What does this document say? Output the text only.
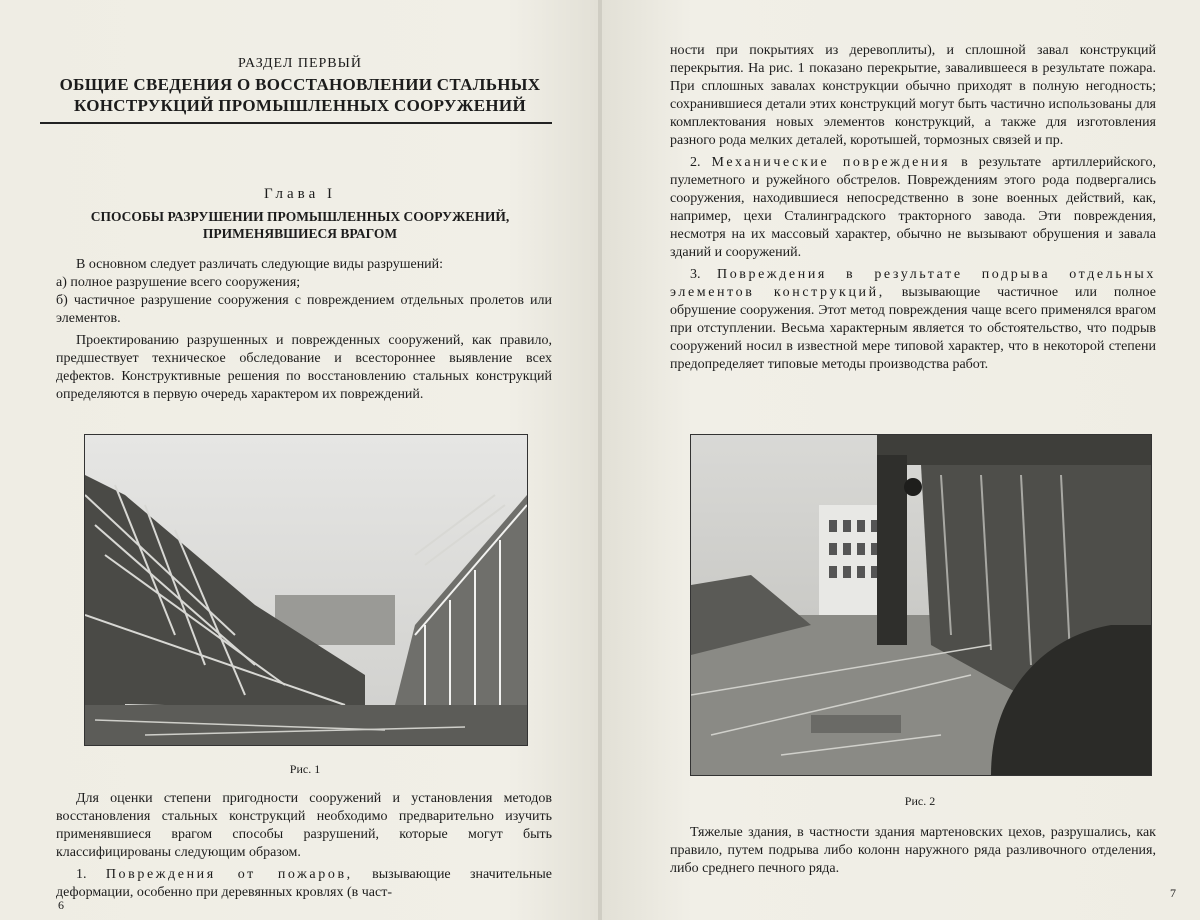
РАЗДЕЛ ПЕРВЫЙ
ОБЩИЕ СВЕДЕНИЯ О ВОССТАНОВЛЕНИИ СТАЛЬНЫХ
КОНСТРУКЦИЙ ПРОМЫШЛЕННЫХ СООРУЖЕНИЙ
Глава I
СПОСОБЫ РАЗРУШЕНИИ ПРОМЫШЛЕННЫХ СООРУЖЕНИЙ,
ПРИМЕНЯВШИЕСЯ ВРАГОМ

В основном следует различать следующие виды разрушений:

а) полное разрушение всего сооружения;

б) частичное разрушение сооружения с повреждением отдельных пролетов или элементов.

Проектированию разрушенных и поврежденных сооружений, как правило, предшествует техническое обследование и всестороннее выявление всех дефектов. Конструктивные решения по восстановлению стальных конструкций определяются в первую очередь характером их повреждений.

Рис. 1

Для оценки степени пригодности сооружений и установления методов восстановления стальных конструкций необходимо предварительно изучить применявшиеся врагом способы разрушений, которые могут быть классифицированы следующим образом.

1. Повреждения от пожаров, вызывающие значительные деформации, особенно при деревянных кровлях (в част-

6

ности при покрытиях из деревоплиты), и сплошной завал конструкций перекрытия. На рис. 1 показано перекрытие, завалившееся в результате пожара. При сплошных завалах конструкции обычно приходят в полную негодность; сохранившиеся детали этих конструкций могут быть частично использованы для комплектования новых элементов конструкций, а также для изготовления разного рода мелких деталей, коротышей, тормозных связей и пр.

2. Механические повреждения в результате артиллерийского, пулеметного и ружейного обстрелов. Повреждениям этого рода подвергались сооружения, находившиеся непосредственно в зоне военных действий, как, например, цехи Сталинградского тракторного завода. Эти повреждения, несмотря на их массовый характер, обычно не вызывают обрушения и завала зданий и сооружений.

3. Повреждения в результате подрыва отдельных элементов конструкций, вызывающие частичное или полное обрушение сооружения. Этот метод повреждения чаще всего применялся врагом при отступлении. Весьма характерным является то обстоятельство, что подрыв сооружений носил в известной мере типовой характер, что в некоторой степени предопределяет типовые методы производства работ.

Рис. 2

Тяжелые здания, в частности здания мартеновских цехов, разрушались, как правило, путем подрыва либо колонн наружного ряда разливочного отделения, либо среднего печного ряда.

7
